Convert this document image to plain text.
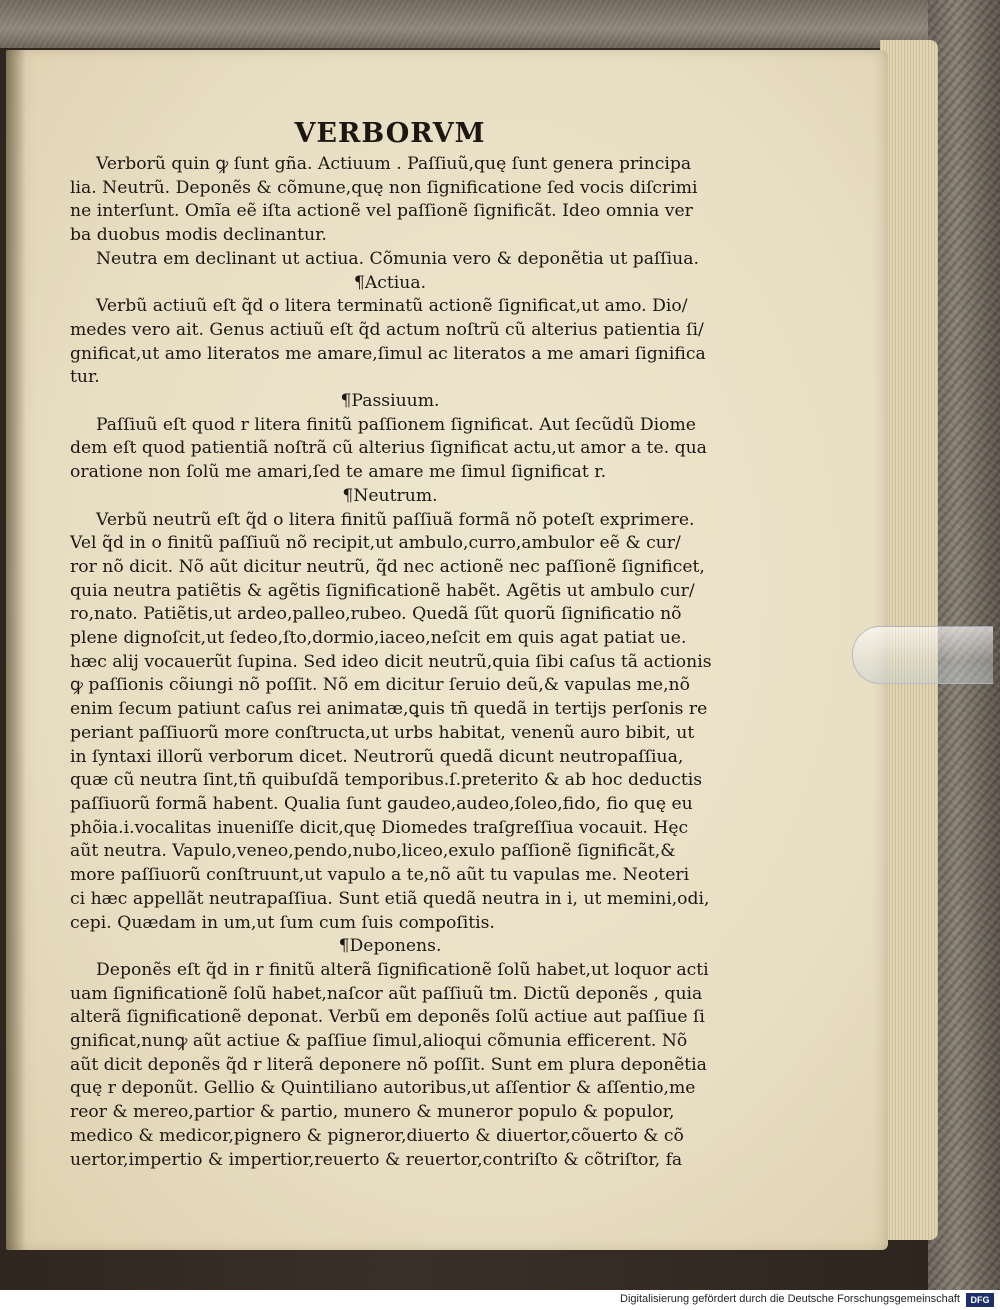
VERBORVM
Verborũ quin ꝙ ſunt gña. Actiuum . Paſſiuũ,quę ſunt genera principa
lia. Neutrũ. Deponẽs & cõmune,quę non ſignificatione ſed vocis diſcrimi
ne interſunt. Omĩa eẽ iſta actionẽ vel paſſionẽ ſignificãt. Ideo omnia ver
ba duobus modis declinantur.
Neutra em declinant ut actiua. Cõmunia vero & deponẽtia ut paſſiua.
¶Actiua.
Verbũ actiuũ eſt q̃d o litera terminatũ actionẽ ſignificat,ut amo. Dio/
medes vero ait. Genus actiuũ eſt q̃d actum noſtrũ cũ alterius patientia ſi/
gnificat,ut amo literatos me amare,ſimul ac literatos a me amari ſignifica
tur.
¶Passiuum.
Paſſiuũ eſt quod r litera finitũ paſſionem ſignificat. Aut ſecũdũ Diome
dem eſt quod patientiã noſtrã cũ alterius ſignificat actu,ut amor a te. qua
oratione non ſolũ me amari,ſed te amare me ſimul ſignificat r.
¶Neutrum.
Verbũ neutrũ eſt q̃d o litera finitũ paſſiuã formã nõ poteſt exprimere.
Vel q̃d in o finitũ paſſiuũ nõ recipit,ut ambulo,curro,ambulor eẽ & cur/
ror nõ dicit. Nõ aũt dicitur neutrũ, q̃d nec actionẽ nec paſſionẽ ſignificet,
quia neutra patiẽtis & agẽtis ſignificationẽ habẽt. Agẽtis ut ambulo cur/
ro,nato. Patiẽtis,ut ardeo,palleo,rubeo. Quedã ſũt quorũ ſignificatio nõ
plene dignoſcit,ut ſedeo,ſto,dormio,iaceo,neſcit em quis agat patiat ue.
hæc alij vocauerũt ſupina. Sed ideo dicit neutrũ,quia ſibi caſus tã actionis
ꝙ paſſionis cõiungi nõ poſſit. Nõ em dicitur ſeruio deũ,& vapulas me,nõ
enim ſecum patiunt caſus rei animatæ,ꝗuis tñ quedã in tertijs perſonis re
periant paſſiuorũ more conſtructa,ut urbs habitat, venenũ auro bibit, ut
in ſyntaxi illorũ verborum dicet. Neutrorũ quedã dicunt neutropaſſiua,
quæ cũ neutra ſint,tñ quibuſdã temporibus.ſ.preterito & ab hoc deductis
paſſiuorũ formã habent. Qualia ſunt gaudeo,audeo,ſoleo,fido, fio quę eu
phõia.i.vocalitas inueniſſe dicit,quę Diomedes traſgreſſiua vocauit. Hęc
aũt neutra. Vapulo,veneo,pendo,nubo,liceo,exulo paſſionẽ ſignificãt,&
more paſſiuorũ conſtruunt,ut vapulo a te,nõ aũt tu vapulas me. Neoteri
ci hæc appellãt neutrapaſſiua. Sunt etiã quedã neutra in i, ut memini,odi,
cepi. Quædam in um,ut ſum cum ſuis compoſitis.
¶Deponens.
Deponẽs eſt q̃d in r finitũ alterã ſignificationẽ ſolũ habet,ut loquor acti
uam ſignificationẽ ſolũ habet,naſcor aũt paſſiuũ tm. Dictũ deponẽs , quia
alterã ſignificationẽ deponat. Verbũ em deponẽs ſolũ actiue aut paſſiue ſi
gnificat,nunꝙ aũt actiue & paſſiue ſimul,alioqui cõmunia efficerent. Nõ
aũt dicit deponẽs q̃d r literã deponere nõ poſſit. Sunt em plura deponẽtia
quę r deponũt. Gellio & Quintiliano autoribus,ut aſſentior & aſſentio,me
reor & mereo,partior & partio, munero & muneror populo & populor,
medico & medicor,pignero & pigneror,diuerto & diuertor,cõuerto & cõ
uertor,impertio & impertior,reuerto & reuertor,contriſto & cõtriſtor, fa
Digitalisierung gefördert durch die Deutsche Forschungsgemeinschaft	DFG
